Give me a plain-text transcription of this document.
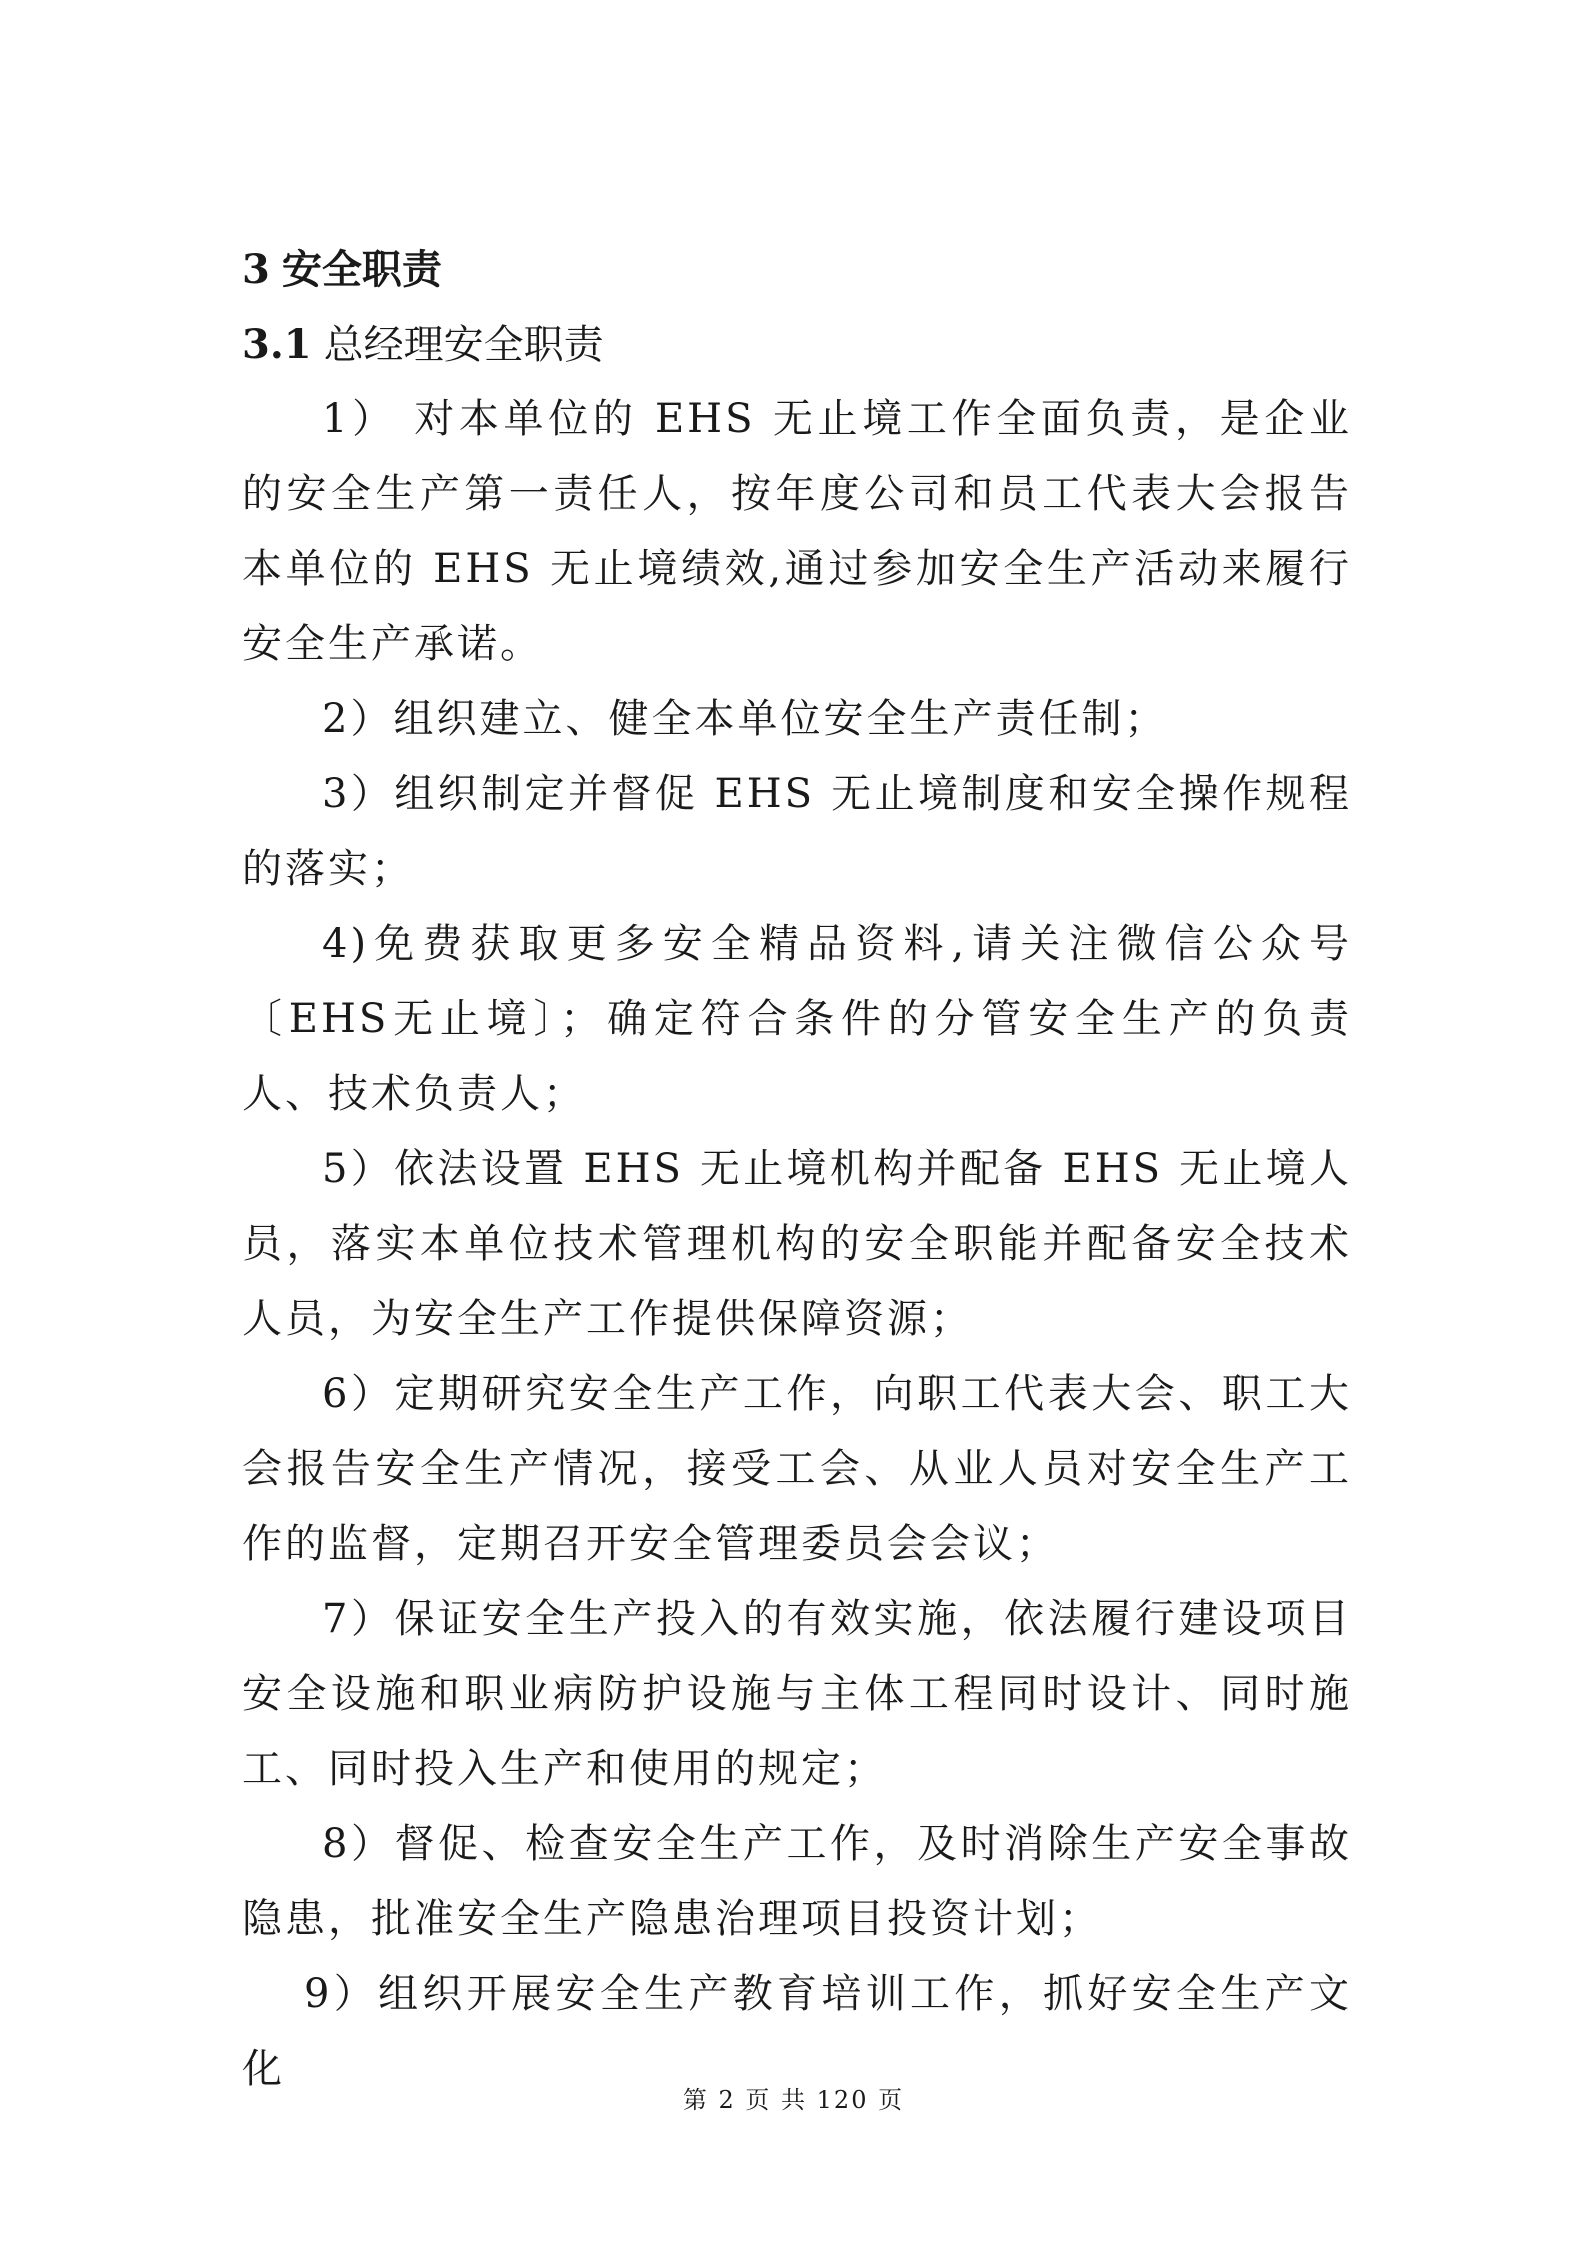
3 安全职责
3.1 总经理安全职责

1） 对本单位的 EHS 无止境工作全面负责，是企业的安全生产第一责任人，按年度公司和员工代表大会报告本单位的 EHS 无止境绩效,通过参加安全生产活动来履行安全生产承诺。

2）组织建立、健全本单位安全生产责任制；

3）组织制定并督促 EHS 无止境制度和安全操作规程的落实；

4)免费获取更多安全精品资料,请关注微信公众号〔EHS无止境〕；确定符合条件的分管安全生产的负责人、技术负责人；

5）依法设置 EHS 无止境机构并配备 EHS 无止境人员，落实本单位技术管理机构的安全职能并配备安全技术人员，为安全生产工作提供保障资源；

6）定期研究安全生产工作，向职工代表大会、职工大会报告安全生产情况，接受工会、从业人员对安全生产工作的监督，定期召开安全管理委员会会议；

7）保证安全生产投入的有效实施，依法履行建设项目安全设施和职业病防护设施与主体工程同时设计、同时施工、同时投入生产和使用的规定；

8）督促、检查安全生产工作，及时消除生产安全事故隐患，批准安全生产隐患治理项目投资计划；

9）组织开展安全生产教育培训工作，抓好安全生产文化

第 2 页 共 120 页
